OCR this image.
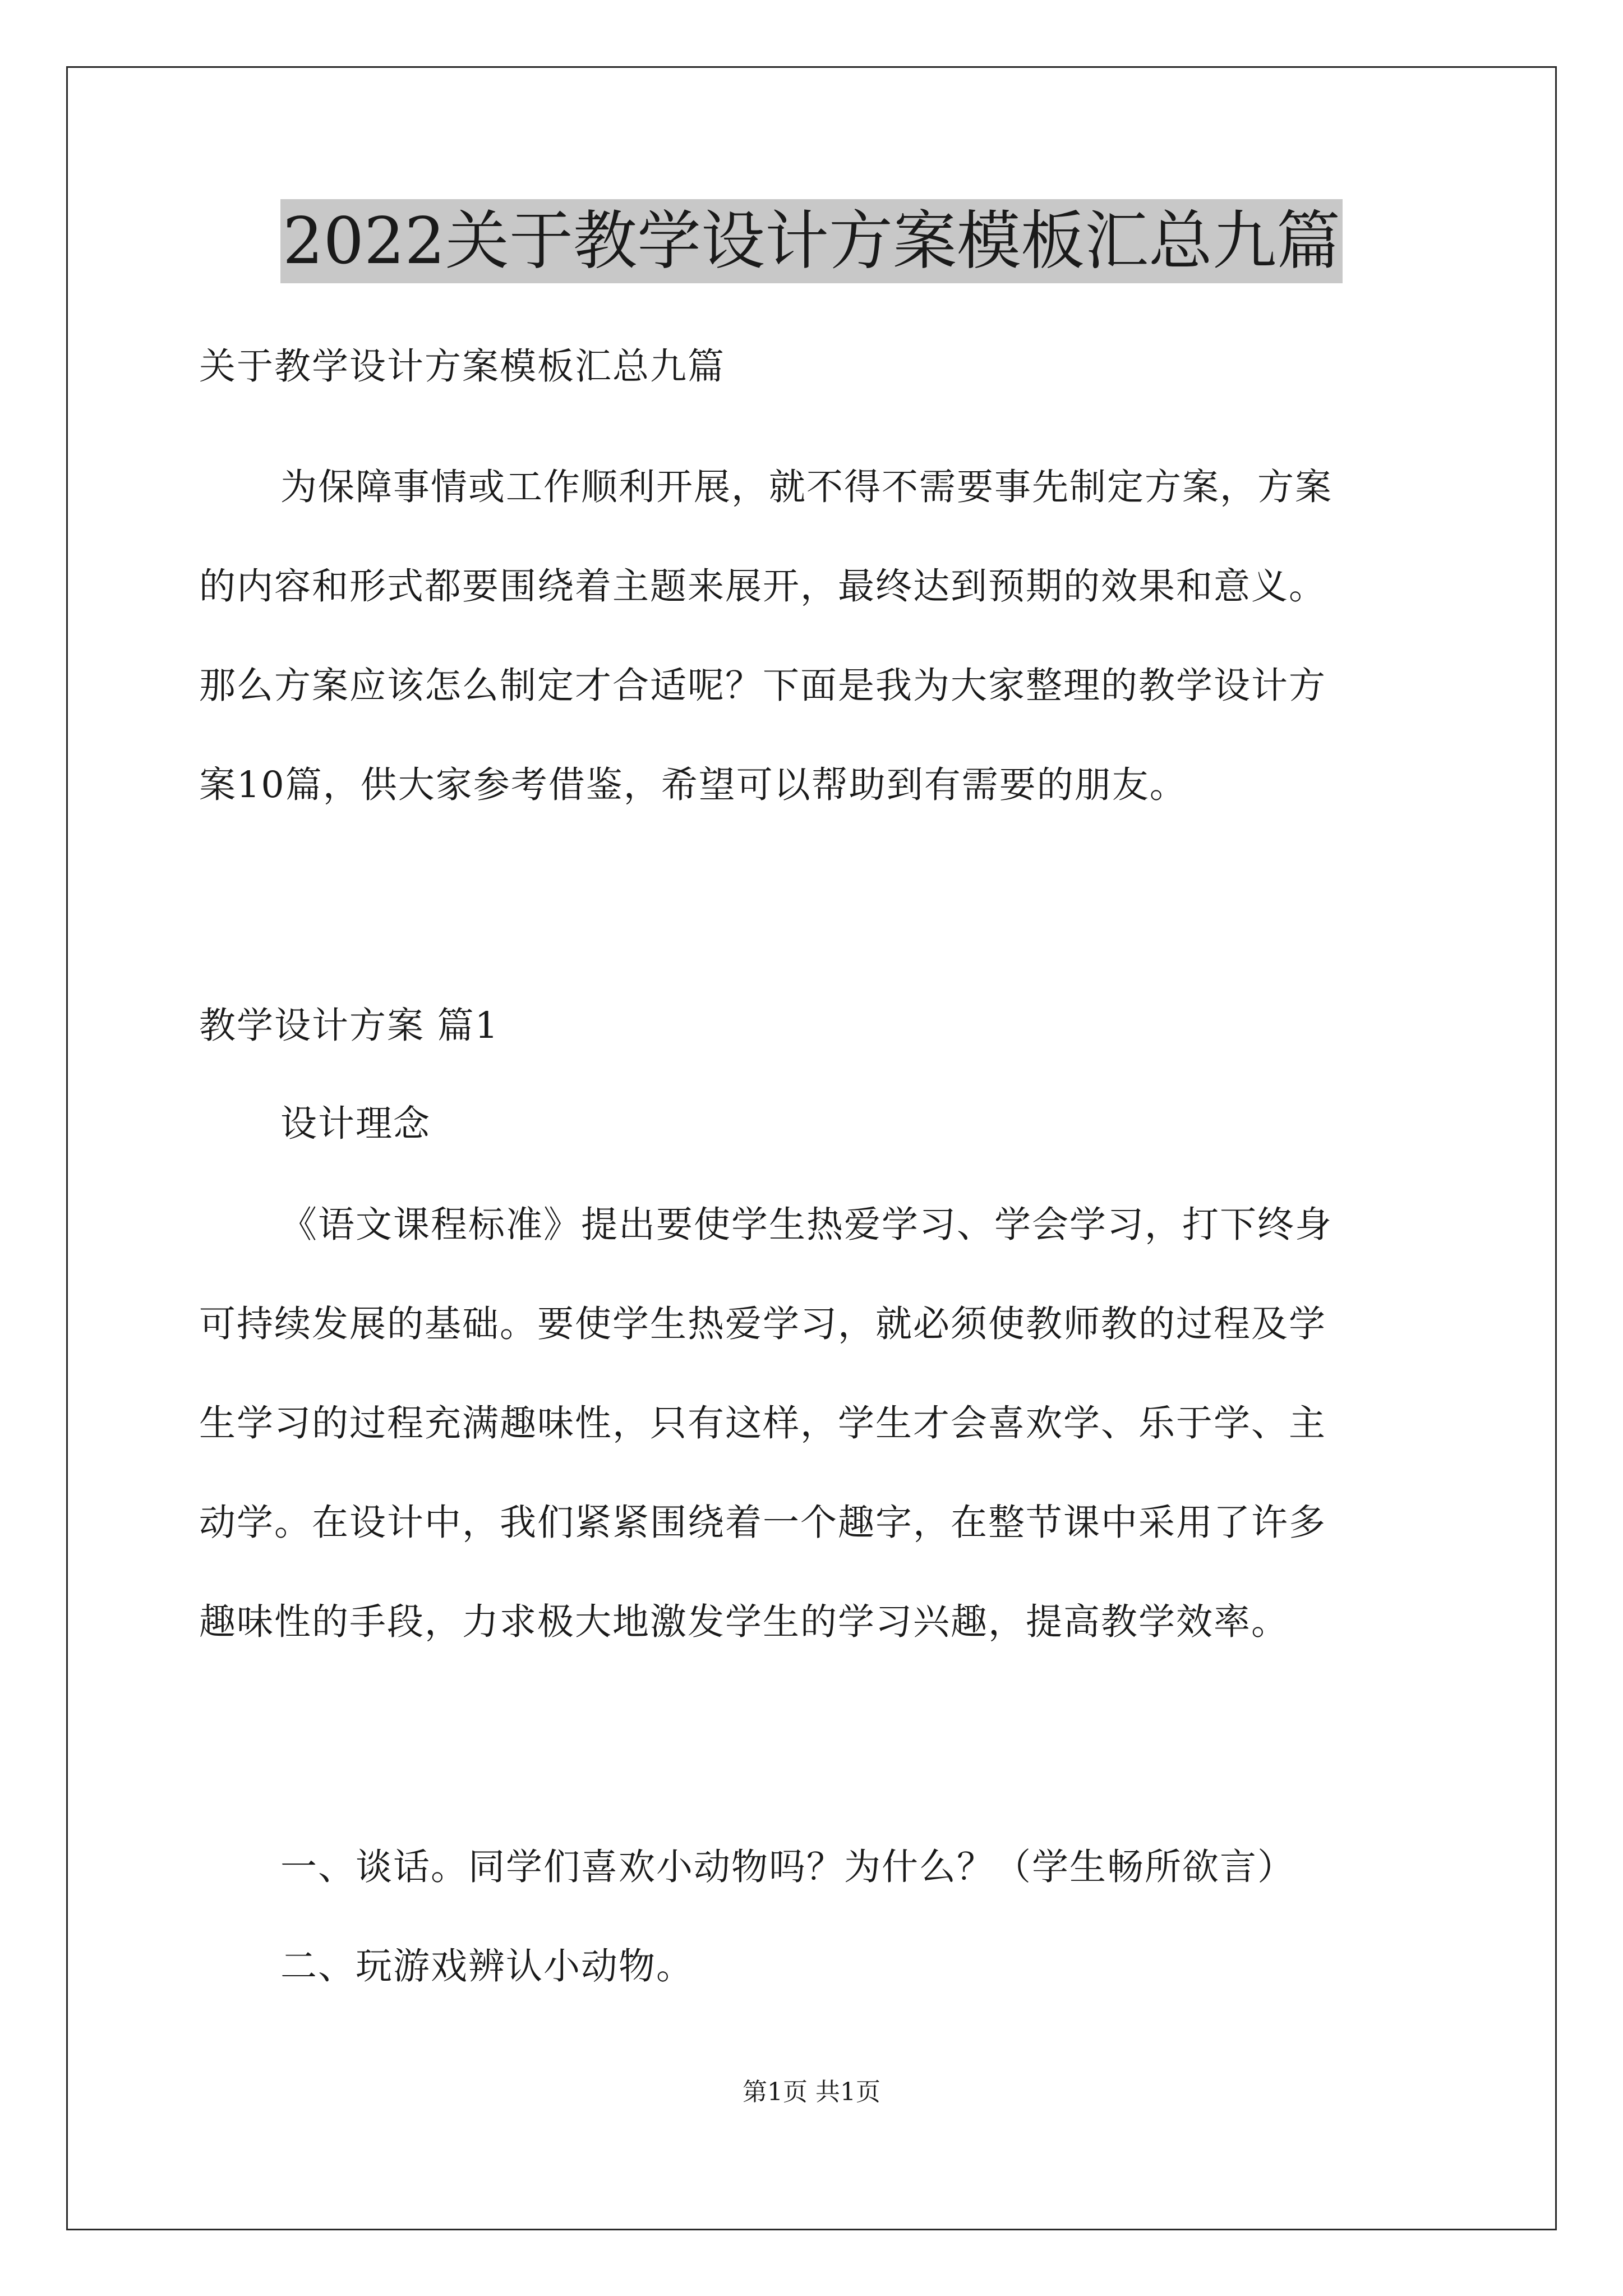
2022关于教学设计方案模板汇总九篇

关于教学设计方案模板汇总九篇

为保障事情或工作顺利开展，就不得不需要事先制定方案，方案

的内容和形式都要围绕着主题来展开，最终达到预期的效果和意义。

那么方案应该怎么制定才合适呢？下面是我为大家整理的教学设计方

案10篇，供大家参考借鉴，希望可以帮助到有需要的朋友。

教学设计方案 篇1

设计理念

《语文课程标准》提出要使学生热爱学习、学会学习，打下终身

可持续发展的基础。要使学生热爱学习，就必须使教师教的过程及学

生学习的过程充满趣味性，只有这样，学生才会喜欢学、乐于学、主

动学。在设计中，我们紧紧围绕着一个趣字，在整节课中采用了许多

趣味性的手段，力求极大地激发学生的学习兴趣，提高教学效率。

一、谈话。同学们喜欢小动物吗？为什么？（学生畅所欲言）

二、玩游戏辨认小动物。

第1页 共1页
